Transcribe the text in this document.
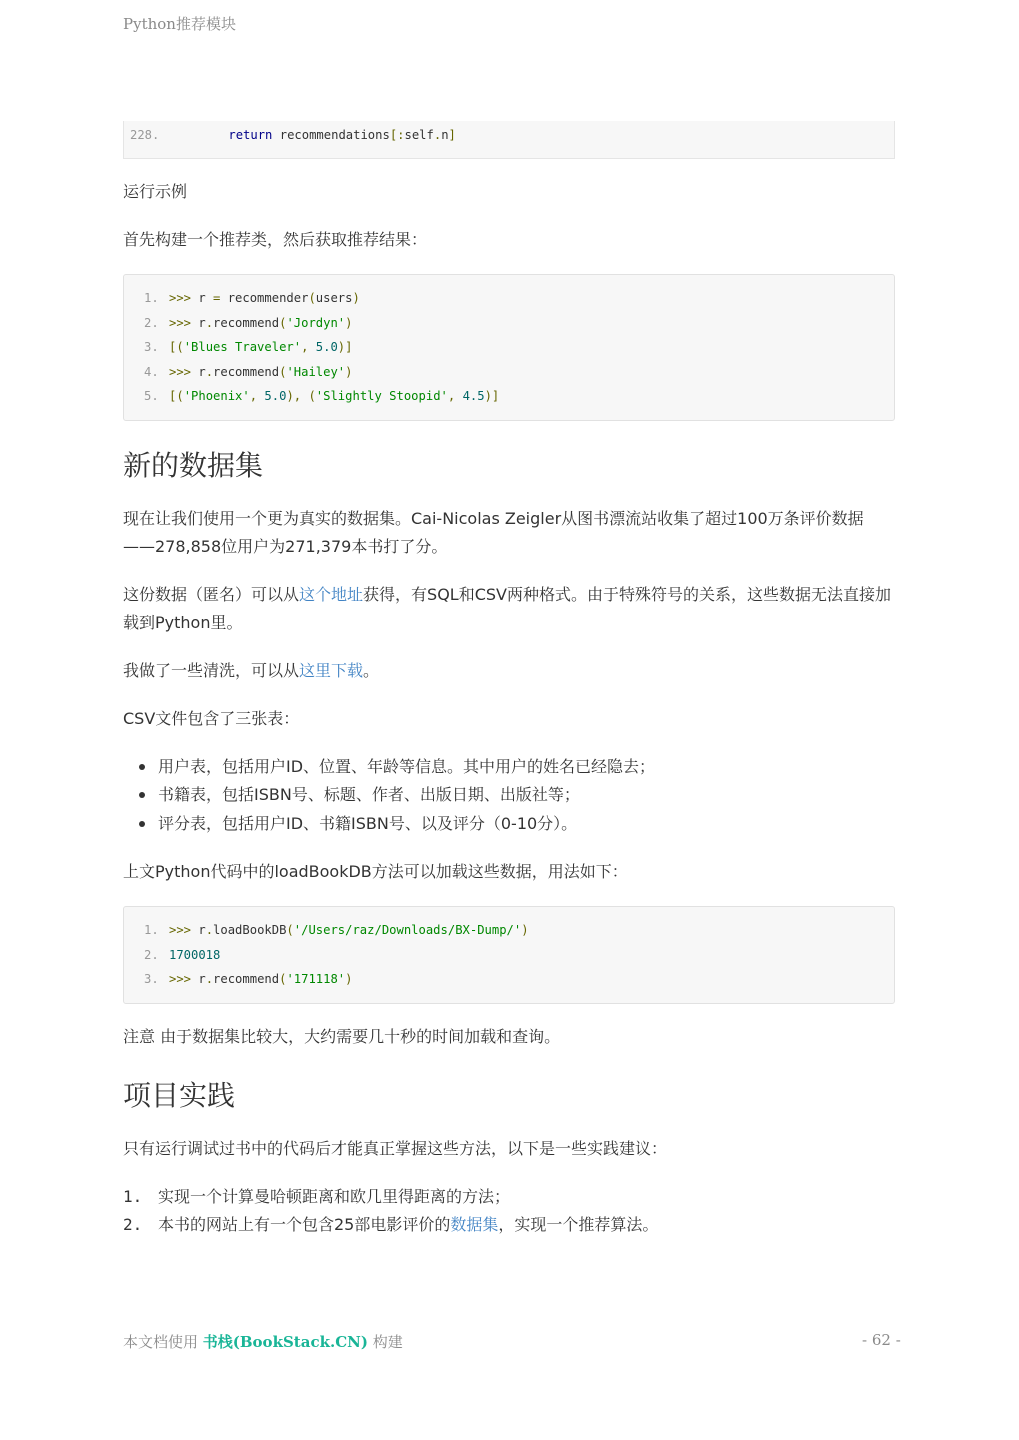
Python推荐模块
228.	return recommendations[:self.n]

运行示例

首先构建一个推荐类，然后获取推荐结果：

1. >>> r = recommender(users)
2. >>> r.recommend('Jordyn')
3. [('Blues Traveler', 5.0)]
4. >>> r.recommend('Hailey')
5. [('Phoenix', 5.0), ('Slightly Stoopid', 4.5)]
新的数据集

现在让我们使用一个更为真实的数据集。Cai-Nicolas Zeigler从图书漂流站收集了超过100万条评价数据——278,858位用户为271,379本书打了分。

这份数据（匿名）可以从这个地址获得，有SQL和CSV两种格式。由于特殊符号的关系，这些数据无法直接加载到Python里。

我做了一些清洗，可以从这里下载。

CSV文件包含了三张表：

用户表，包括用户ID、位置、年龄等信息。其中用户的姓名已经隐去；
书籍表，包括ISBN号、标题、作者、出版日期、出版社等；
评分表，包括用户ID、书籍ISBN号、以及评分（0-10分）。

上文Python代码中的loadBookDB方法可以加载这些数据，用法如下：

1. >>> r.loadBookDB('/Users/raz/Downloads/BX-Dump/')
2. 1700018
3. >>> r.recommend('171118')

注意 由于数据集比较大，大约需要几十秒的时间加载和查询。

项目实践

只有运行调试过书中的代码后才能真正掌握这些方法，以下是一些实践建议：

1. 实现一个计算曼哈顿距离和欧几里得距离的方法；
2. 本书的网站上有一个包含25部电影评价的数据集，实现一个推荐算法。
本文档使用 书栈(BookStack.CN) 构建	- 62 -
